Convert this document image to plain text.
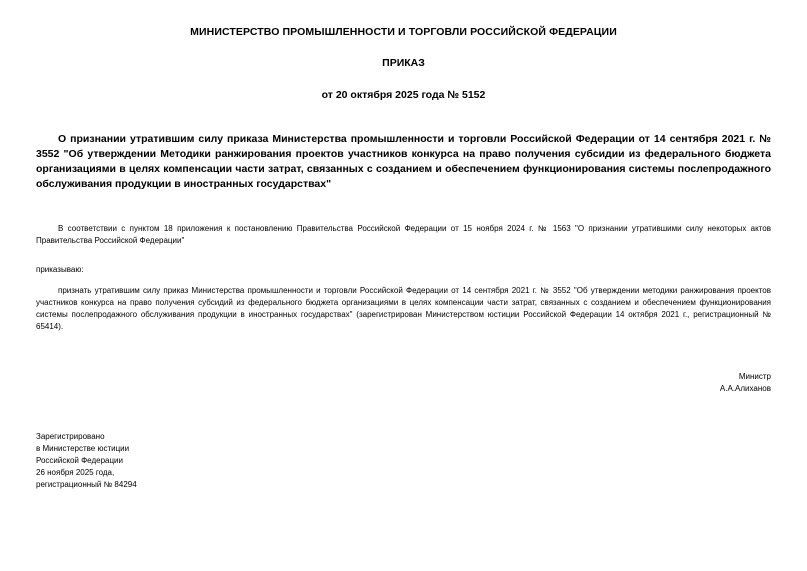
МИНИСТЕРСТВО ПРОМЫШЛЕННОСТИ И ТОРГОВЛИ РОССИЙСКОЙ ФЕДЕРАЦИИ
ПРИКАЗ
от 20 октября 2025 года № 5152
О признании утратившим силу приказа Министерства промышленности и торговли Российской Федерации от 14 сентября 2021 г. № 3552 "Об утверждении Методики ранжирования проектов участников конкурса на право получения субсидии из федерального бюджета организациями в целях компенсации части затрат, связанных с созданием и обеспечением функционирования системы послепродажного обслуживания продукции в иностранных государствах"
В соответствии с пунктом 18 приложения к постановлению Правительства Российской Федерации от 15 ноября 2024 г. № 1563 "О признании утратившими силу некоторых актов Правительства Российской Федерации"
приказываю:
признать утратившим силу приказ Министерства промышленности и торговли Российской Федерации от 14 сентября 2021 г. № 3552 "Об утверждении методики ранжирования проектов участников конкурса на право получения субсидий из федерального бюджета организациями в целях компенсации части затрат, связанных с созданием и обеспечением функционирования системы послепродажного обслуживания продукции в иностранных государствах" (зарегистрирован Министерством юстиции Российской Федерации 14 октября 2021 г., регистрационный № 65414).
Министр
А.А.Алиханов
Зарегистрировано
в Министерстве юстиции
Российской Федерации
26 ноября 2025 года,
регистрационный № 84294
